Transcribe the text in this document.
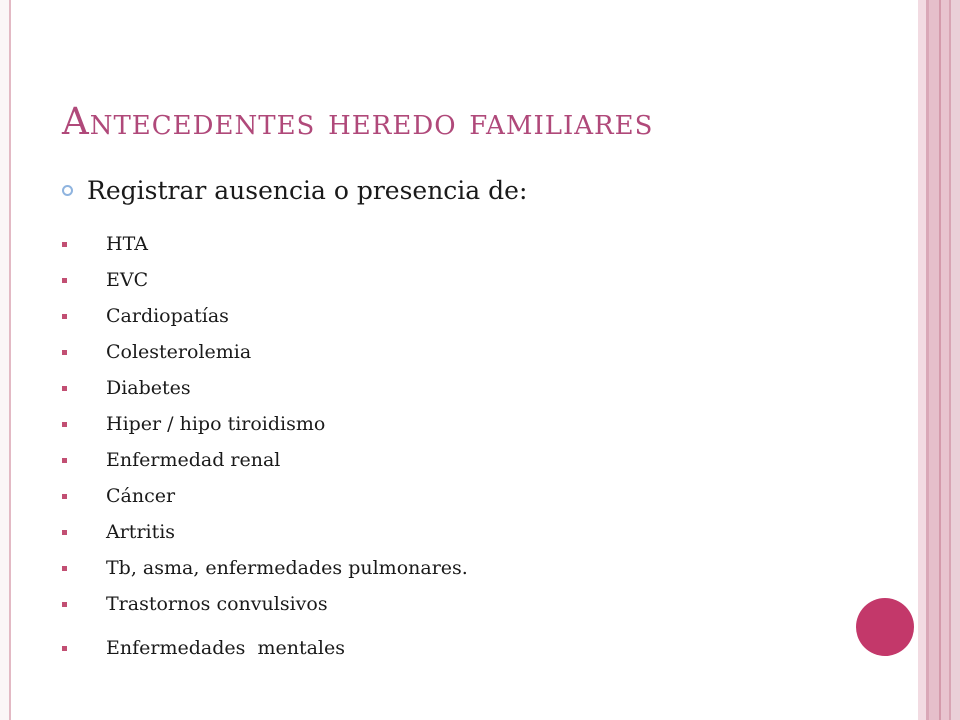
Antecedentes heredo familiares
Registrar ausencia o presencia de:
HTA
EVC
Cardiopatías
Colesterolemia
Diabetes
Hiper / hipo tiroidismo
Enfermedad renal
Cáncer
Artritis
Tb, asma, enfermedades pulmonares.
Trastornos convulsivos
Enfermedades  mentales
